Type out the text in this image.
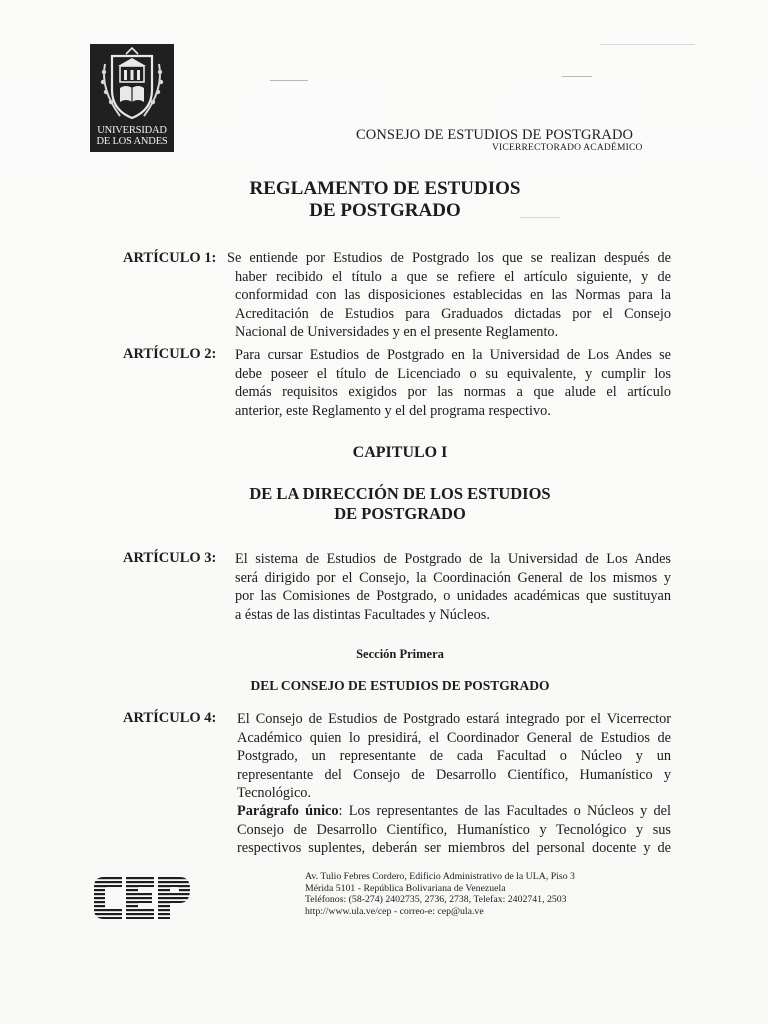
UNIVERSIDAD
DE LOS ANDES	CONSEJO DE ESTUDIOS DE POSTGRADO
VICERRECTORADO ACADÉMICO
REGLAMENTO DE ESTUDIOS
DE POSTGRADO
ARTÍCULO 1: Se entiende por Estudios de Postgrado los que se realizan después de
haber recibido el título a que se refiere el artículo siguiente, y de
conformidad con las disposiciones establecidas en las Normas para la
Acreditación de Estudios para Graduados dictadas por el Consejo
Nacional de Universidades y en el presente Reglamento.
ARTÍCULO 2: Para cursar Estudios de Postgrado en la Universidad de Los Andes se
debe poseer el título de Licenciado o su equivalente, y cumplir los
demás requisitos exigidos por las normas a que alude el artículo
anterior, este Reglamento y el del programa respectivo.
CAPITULO I
DE LA DIRECCIÓN DE LOS ESTUDIOS
DE POSTGRADO
ARTÍCULO 3: El sistema de Estudios de Postgrado de la Universidad de Los Andes
será dirigido por el Consejo, la Coordinación General de los mismos y
por las Comisiones de Postgrado, o unidades académicas que sustituyan
a éstas de las distintas Facultades y Núcleos.
Sección Primera
DEL CONSEJO DE ESTUDIOS DE POSTGRADO
ARTÍCULO 4: El Consejo de Estudios de Postgrado estará integrado por el Vicerrector
Académico quien lo presidirá, el Coordinador General de Estudios de
Postgrado, un representante de cada Facultad o Núcleo y un
representante del Consejo de Desarrollo Científico, Humanístico y
Tecnológico.
Parágrafo único: Los representantes de las Facultades o Núcleos y del
Consejo de Desarrollo Científico, Humanístico y Tecnológico y sus
respectivos suplentes, deberán ser miembros del personal docente y de
Av. Tulio Febres Cordero, Edificio Administrativo de la ULA, Piso 3
Mérida 5101 - República Bolivariana de Venezuela
Teléfonos: (58-274) 2402735, 2736, 2738, Telefax: 2402741, 2503
http://www.ula.ve/cep - correo-e: cep@ula.ve
